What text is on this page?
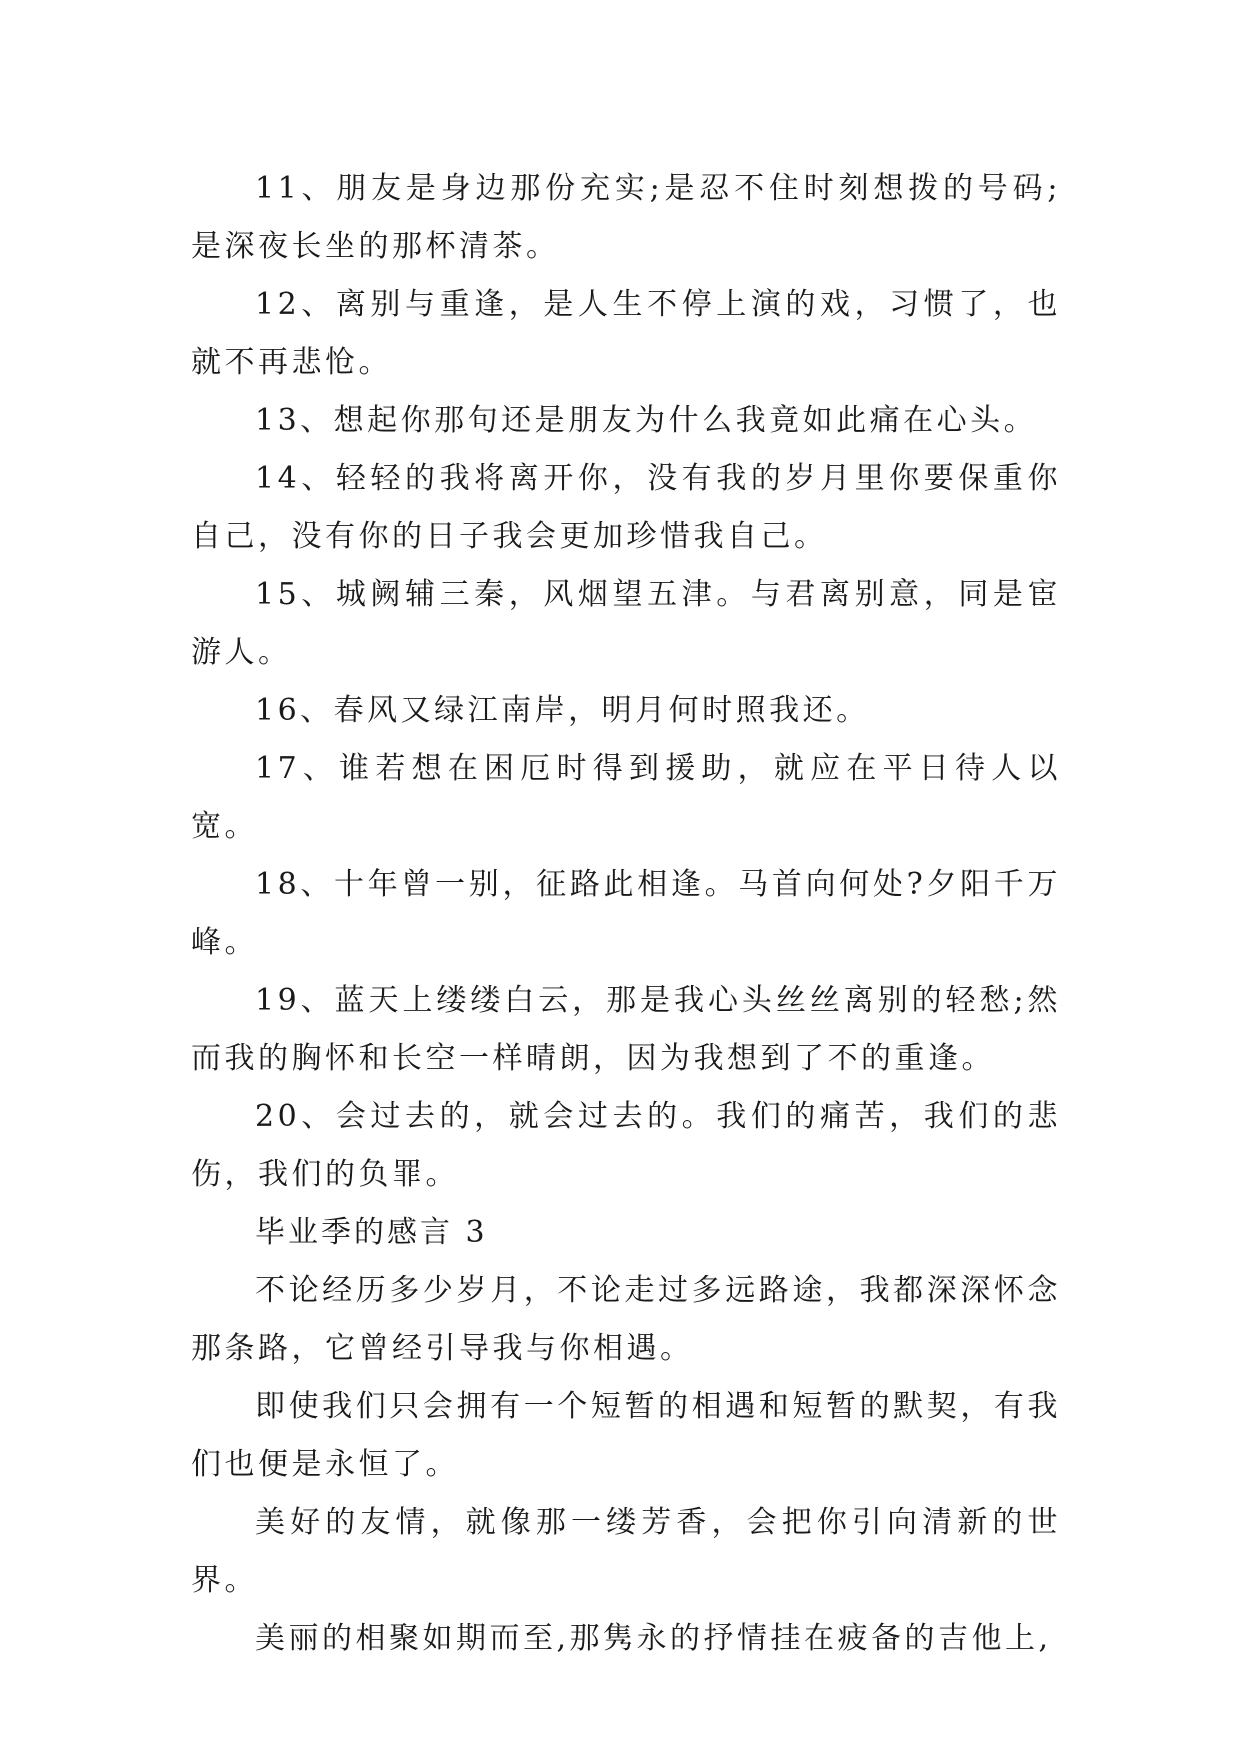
11、朋友是身边那份充实;是忍不住时刻想拨的号码;是深夜长坐的那杯清茶。

12、离别与重逢，是人生不停上演的戏，习惯了，也就不再悲怆。

13、想起你那句还是朋友为什么我竟如此痛在心头。

14、轻轻的我将离开你，没有我的岁月里你要保重你自己，没有你的日子我会更加珍惜我自己。

15、城阙辅三秦，风烟望五津。与君离别意，同是宦游人。

16、春风又绿江南岸，明月何时照我还。

17、谁若想在困厄时得到援助，就应在平日待人以宽。

18、十年曾一别，征路此相逢。马首向何处?夕阳千万峰。

19、蓝天上缕缕白云，那是我心头丝丝离别的轻愁;然而我的胸怀和长空一样晴朗，因为我想到了不的重逢。

20、会过去的，就会过去的。我们的痛苦，我们的悲伤，我们的负罪。

毕业季的感言 3

不论经历多少岁月，不论走过多远路途，我都深深怀念那条路，它曾经引导我与你相遇。

即使我们只会拥有一个短暂的相遇和短暂的默契，有我们也便是永恒了。

美好的友情，就像那一缕芳香，会把你引向清新的世界。

美丽的相聚如期而至,那隽永的抒情挂在疲备的吉他上,
